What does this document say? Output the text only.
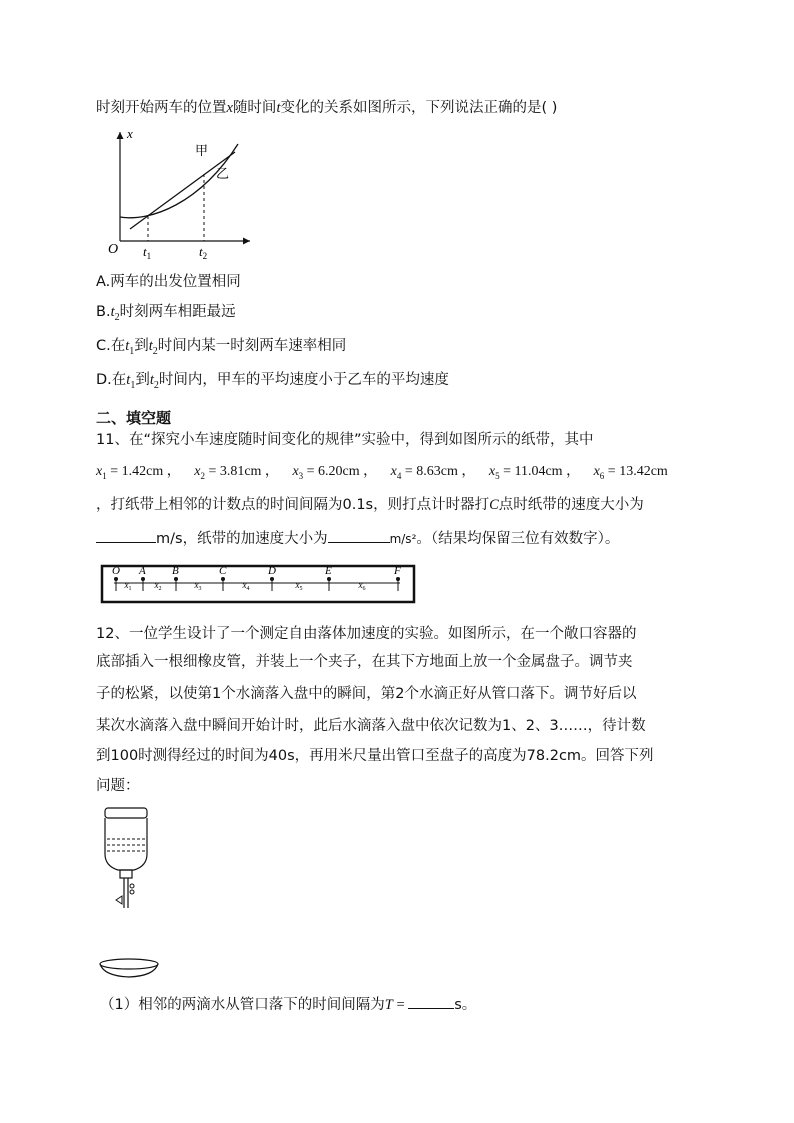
时刻开始两车的位置x随时间t变化的关系如图所示，下列说法正确的是( )
x
O $t_1$	$t_2$
甲
乙
A.两车的出发位置相同
$B.t_2$时刻两车相距最远
C.在$t_1$到$t_2$时间内某一时刻两车速率相同
D.在$t_1$到$t_2$时间内，甲车的平均速度小于乙车的平均速度
二、填空题
11、在“探究小车速度随时间变化的规律”实验中，得到如图所示的纸带，其中
$x_1 = 1.42cm$ ， $x_2 = 3.81cm$ ， $x_3 = 6.20cm$ ， $x_4 = 8.63cm$ ， $x_5 = 11.04cm$ ， $x_6 = 13.42cm$
，打纸带上相邻的计数点的时间间隔为0.1s，则打点计时器打C点时纸带的速度大小为
m/s，纸带的加速度大小为	m/s²。（结果均保留三位有效数字）。
O A B	C	D	E	F
$x_1$	$x_2$	$x_3$	$x_4$	$x_5$	$x_6$
12、一位学生设计了一个测定自由落体加速度的实验。如图所示，在一个敞口容器的
底部插入一根细橡皮管，并装上一个夹子，在其下方地面上放一个金属盘子。调节夹
子的松紧，以使第1个水滴落入盘中的瞬间，第2个水滴正好从管口落下。调节好后以
某次水滴落入盘中瞬间开始计时，此后水滴落入盘中依次记数为1、2、3……，待计数
到100时测得经过的时间为40s，再用米尺量出管口至盘子的高度为78.2cm。回答下列
问题：
（1）相邻的两滴水从管口落下的时间间隔为T =	s。
